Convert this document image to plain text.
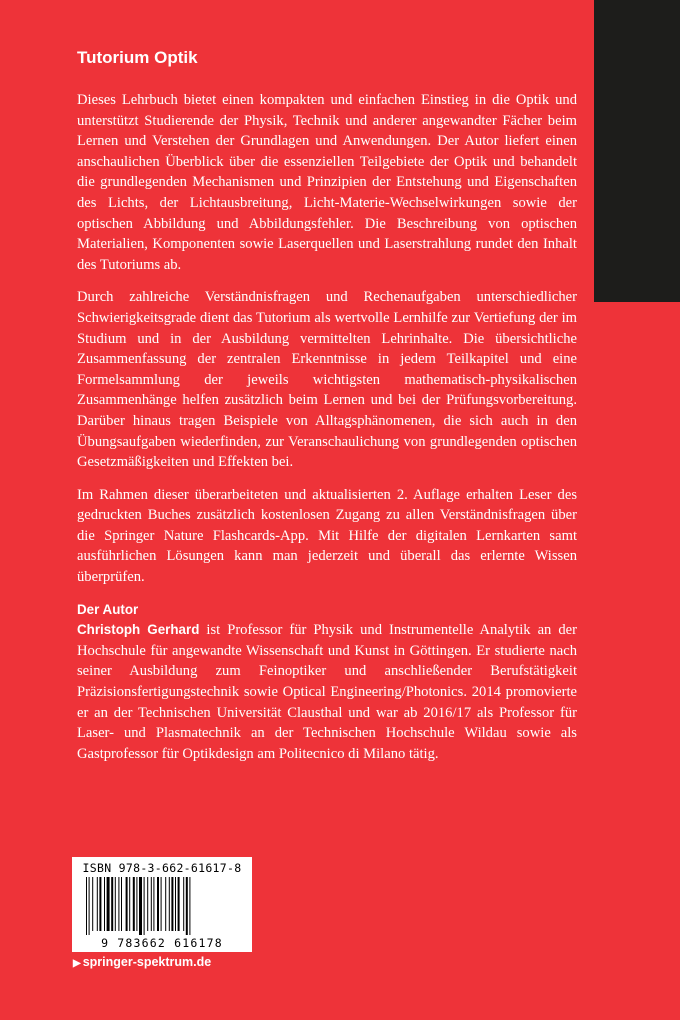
Tutorium Optik

Dieses Lehrbuch bietet einen kompakten und einfachen Einstieg in die Optik und unterstützt Studierende der Physik, Technik und anderer angewandter Fächer beim Lernen und Verstehen der Grundlagen und Anwendungen. Der Autor liefert einen anschaulichen Überblick über die essenziellen Teilgebiete der Optik und behandelt die grundlegenden Mechanismen und Prinzipien der Entstehung und Eigenschaften des Lichts, der Lichtausbreitung, Licht-Materie-Wechselwirkungen sowie der optischen Abbildung und Abbildungsfehler. Die Beschreibung von optischen Materialien, Komponenten sowie Laserquellen und Laserstrahlung rundet den Inhalt des Tutoriums ab.

Durch zahlreiche Verständnisfragen und Rechenaufgaben unterschiedlicher Schwierigkeitsgrade dient das Tutorium als wertvolle Lernhilfe zur Vertiefung der im Studium und in der Ausbildung vermittelten Lehrinhalte. Die übersichtliche Zusammenfassung der zentralen Erkenntnisse in jedem Teilkapitel und eine Formelsammlung der jeweils wichtigsten mathematisch-physikalischen Zusammenhänge helfen zusätzlich beim Lernen und bei der Prüfungsvorbereitung. Darüber hinaus tragen Beispiele von Alltagsphänomenen, die sich auch in den Übungsaufgaben wiederfinden, zur Veranschaulichung von grundlegenden optischen Gesetzmäßigkeiten und Effekten bei.

Im Rahmen dieser überarbeiteten und aktualisierten 2. Auflage erhalten Leser des gedruckten Buches zusätzlich kostenlosen Zugang zu allen Verständnisfragen über die Springer Nature Flashcards-App. Mit Hilfe der digitalen Lernkarten samt ausführlichen Lösungen kann man jederzeit und überall das erlernte Wissen überprüfen.

Der Autor

Christoph Gerhard ist Professor für Physik und Instrumentelle Analytik an der Hochschule für angewandte Wissenschaft und Kunst in Göttingen. Er studierte nach seiner Ausbildung zum Feinoptiker und anschließender Berufstätigkeit Präzisionsfertigungstechnik sowie Optical Engineering/Photonics. 2014 promovierte er an der Technischen Universität Clausthal und war ab 2016/17 als Professor für Laser- und Plasmatechnik an der Technischen Hochschule Wildau sowie als Gastprofessor für Optikdesign am Politecnico di Milano tätig.

ISBN 978-3-662-61617-8
9 783662 616178
▶ springer-spektrum.de
